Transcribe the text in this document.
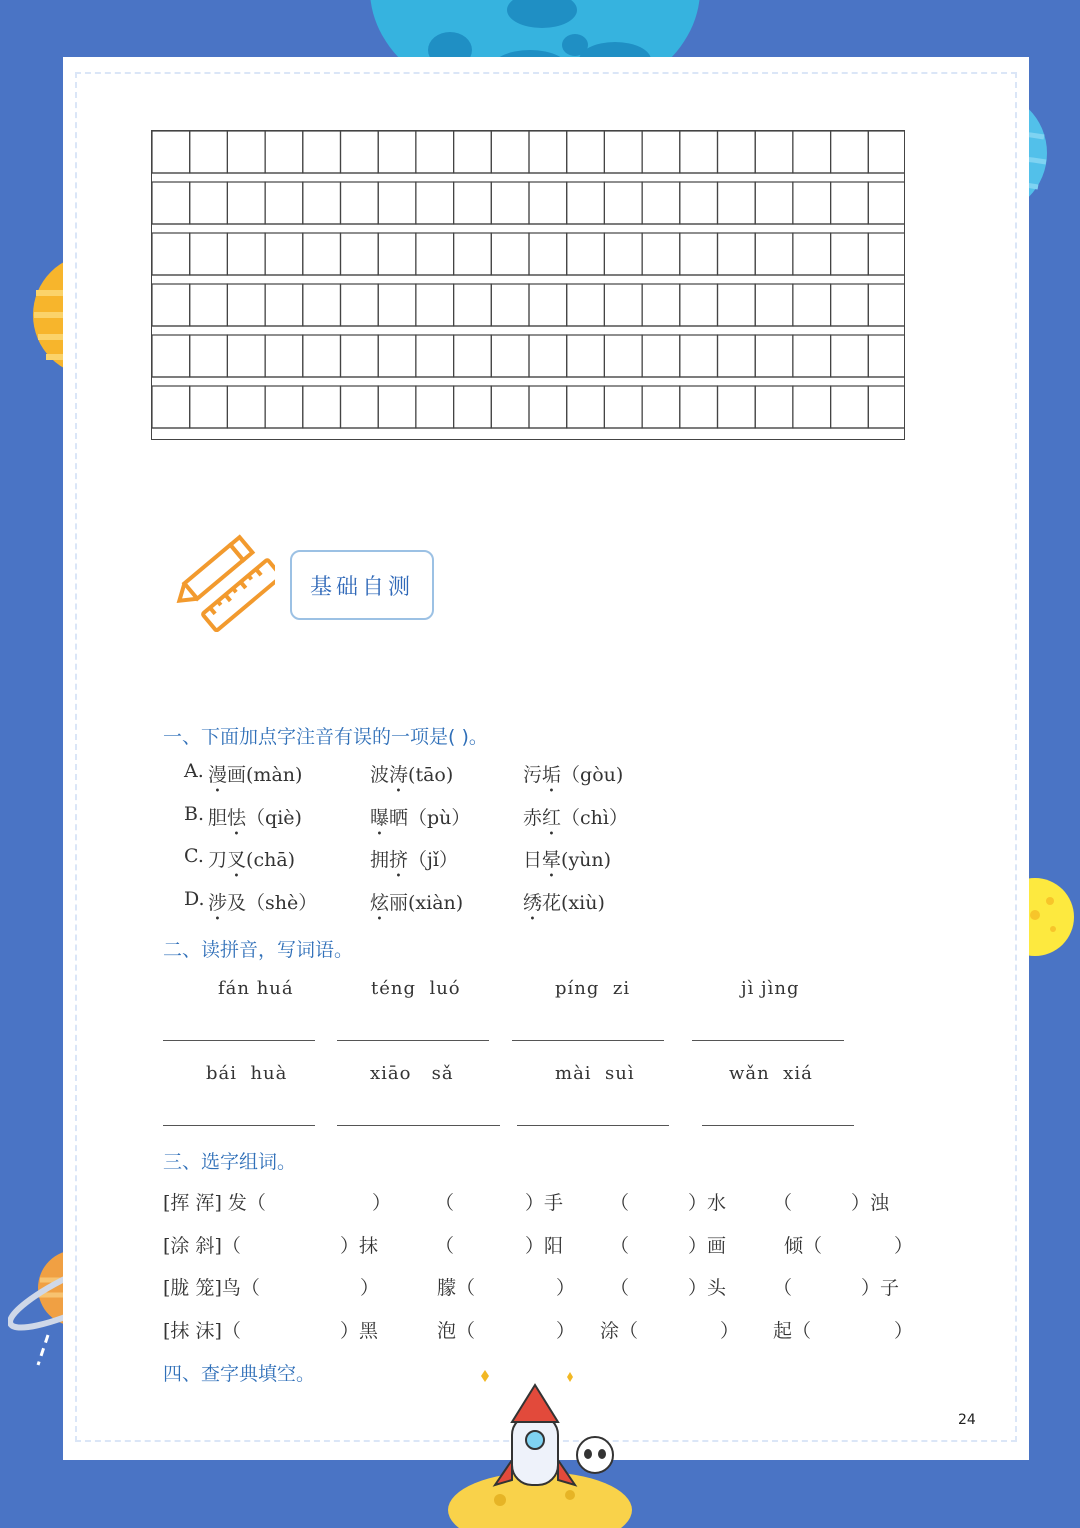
基础自测
一、下面加点字注音有误的一项是( )。
A. 漫画(màn)	波涛(tāo)	污垢（gòu)
B. 胆怯（qiè)	曝晒（pù）	赤红（chì）
C. 刀叉(chā)	拥挤（jǐ）	日晕(yùn)
D. 涉及（shè）	炫丽(xiàn)	绣花(xiù)
二、读拼音，写词语。
fán huá	téng  luó	píng  zi	jì jìng
bái  huà	xiāo   sǎ	mài  suì	wǎn  xiá
三、选字组词。
[挥 浑] 发（	） （	）手 （	）水 （	）浊
[涂 斜]（	）抹	（	）阳 （	）画	倾（	）
[胧 笼]鸟（	）	朦（	） （	）头 （	）子
[抹 沫]（	）黑	泡（	） 涂（	） 起（	）
四、查字典填空。
24
